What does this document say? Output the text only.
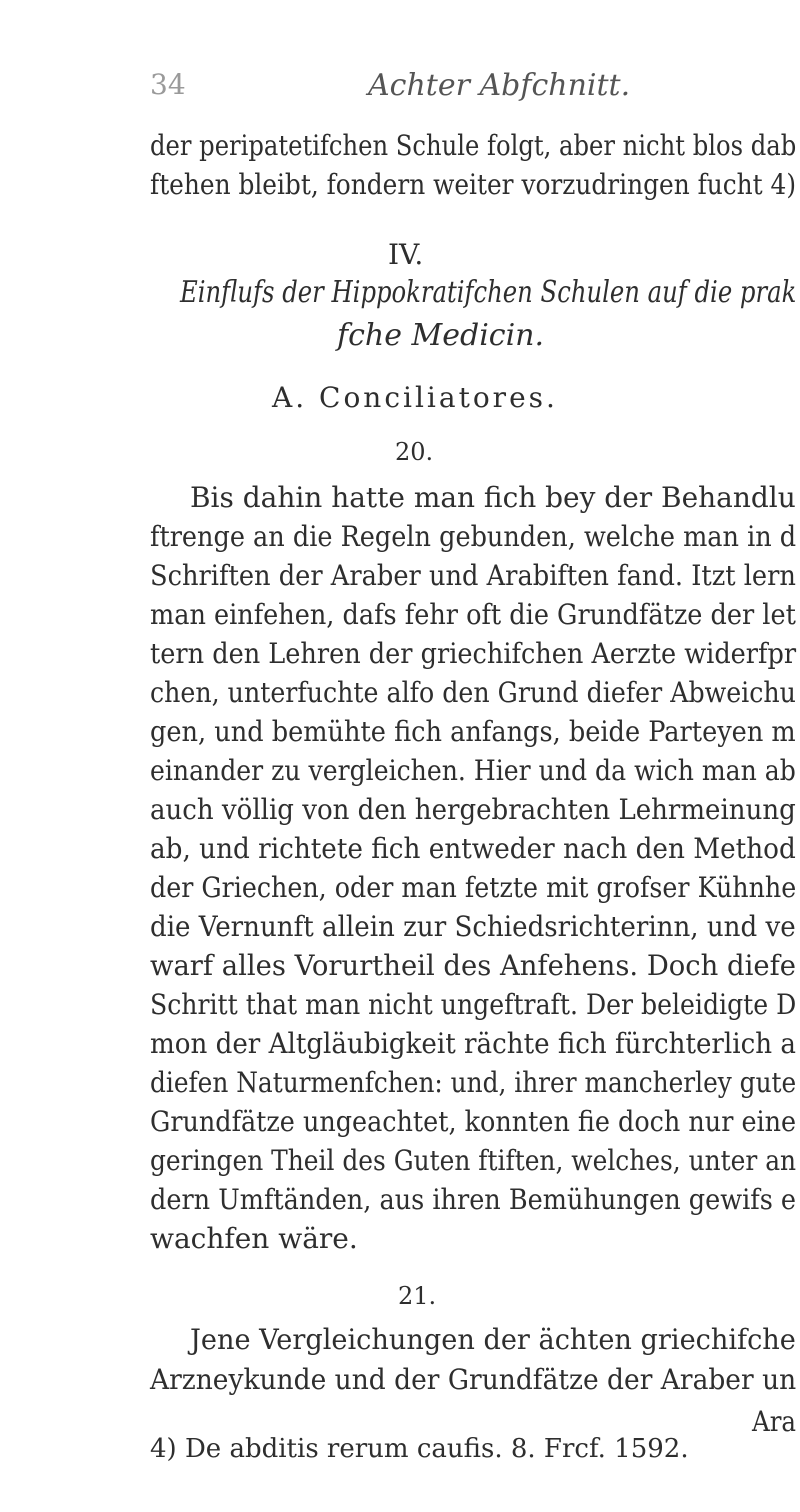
34	Achter Abfchnitt.
der peripatetifchen Schule folgt, aber nicht blos dab
ftehen bleibt, fondern weiter vorzudringen fucht 4)
IV.
Einflufs der Hippokratifchen Schulen auf die prak
fche Medicin.
A. Conciliatores.
20.
Bis dahin hatte man fich bey der Behandlu
ftrenge an die Regeln gebunden, welche man in d
Schriften der Araber und Arabiften fand. Itzt lern
man einfehen, dafs fehr oft die Grundfätze der let
tern den Lehren der griechifchen Aerzte widerfpr
chen, unterfuchte alfo den Grund diefer Abweichu
gen, und bemühte fich anfangs, beide Parteyen m
einander zu vergleichen. Hier und da wich man ab
auch völlig von den hergebrachten Lehrmeinung
ab, und richtete fich entweder nach den Method
der Griechen, oder man fetzte mit grofser Kühnhe
die Vernunft allein zur Schiedsrichterinn, und ve
warf alles Vorurtheil des Anfehens. Doch diefe
Schritt that man nicht ungeftraft. Der beleidigte D
mon der Altgläubigkeit rächte fich fürchterlich a
diefen Naturmenfchen: und, ihrer mancherley gute
Grundfätze ungeachtet, konnten fie doch nur eine
geringen Theil des Guten ftiften, welches, unter an
dern Umftänden, aus ihren Bemühungen gewifs e
wachfen wäre.
21.
Jene Vergleichungen der ächten griechifche
Arzneykunde und der Grundfätze der Araber un
Ara
4) De abditis rerum caufis. 8. Frcf. 1592.
